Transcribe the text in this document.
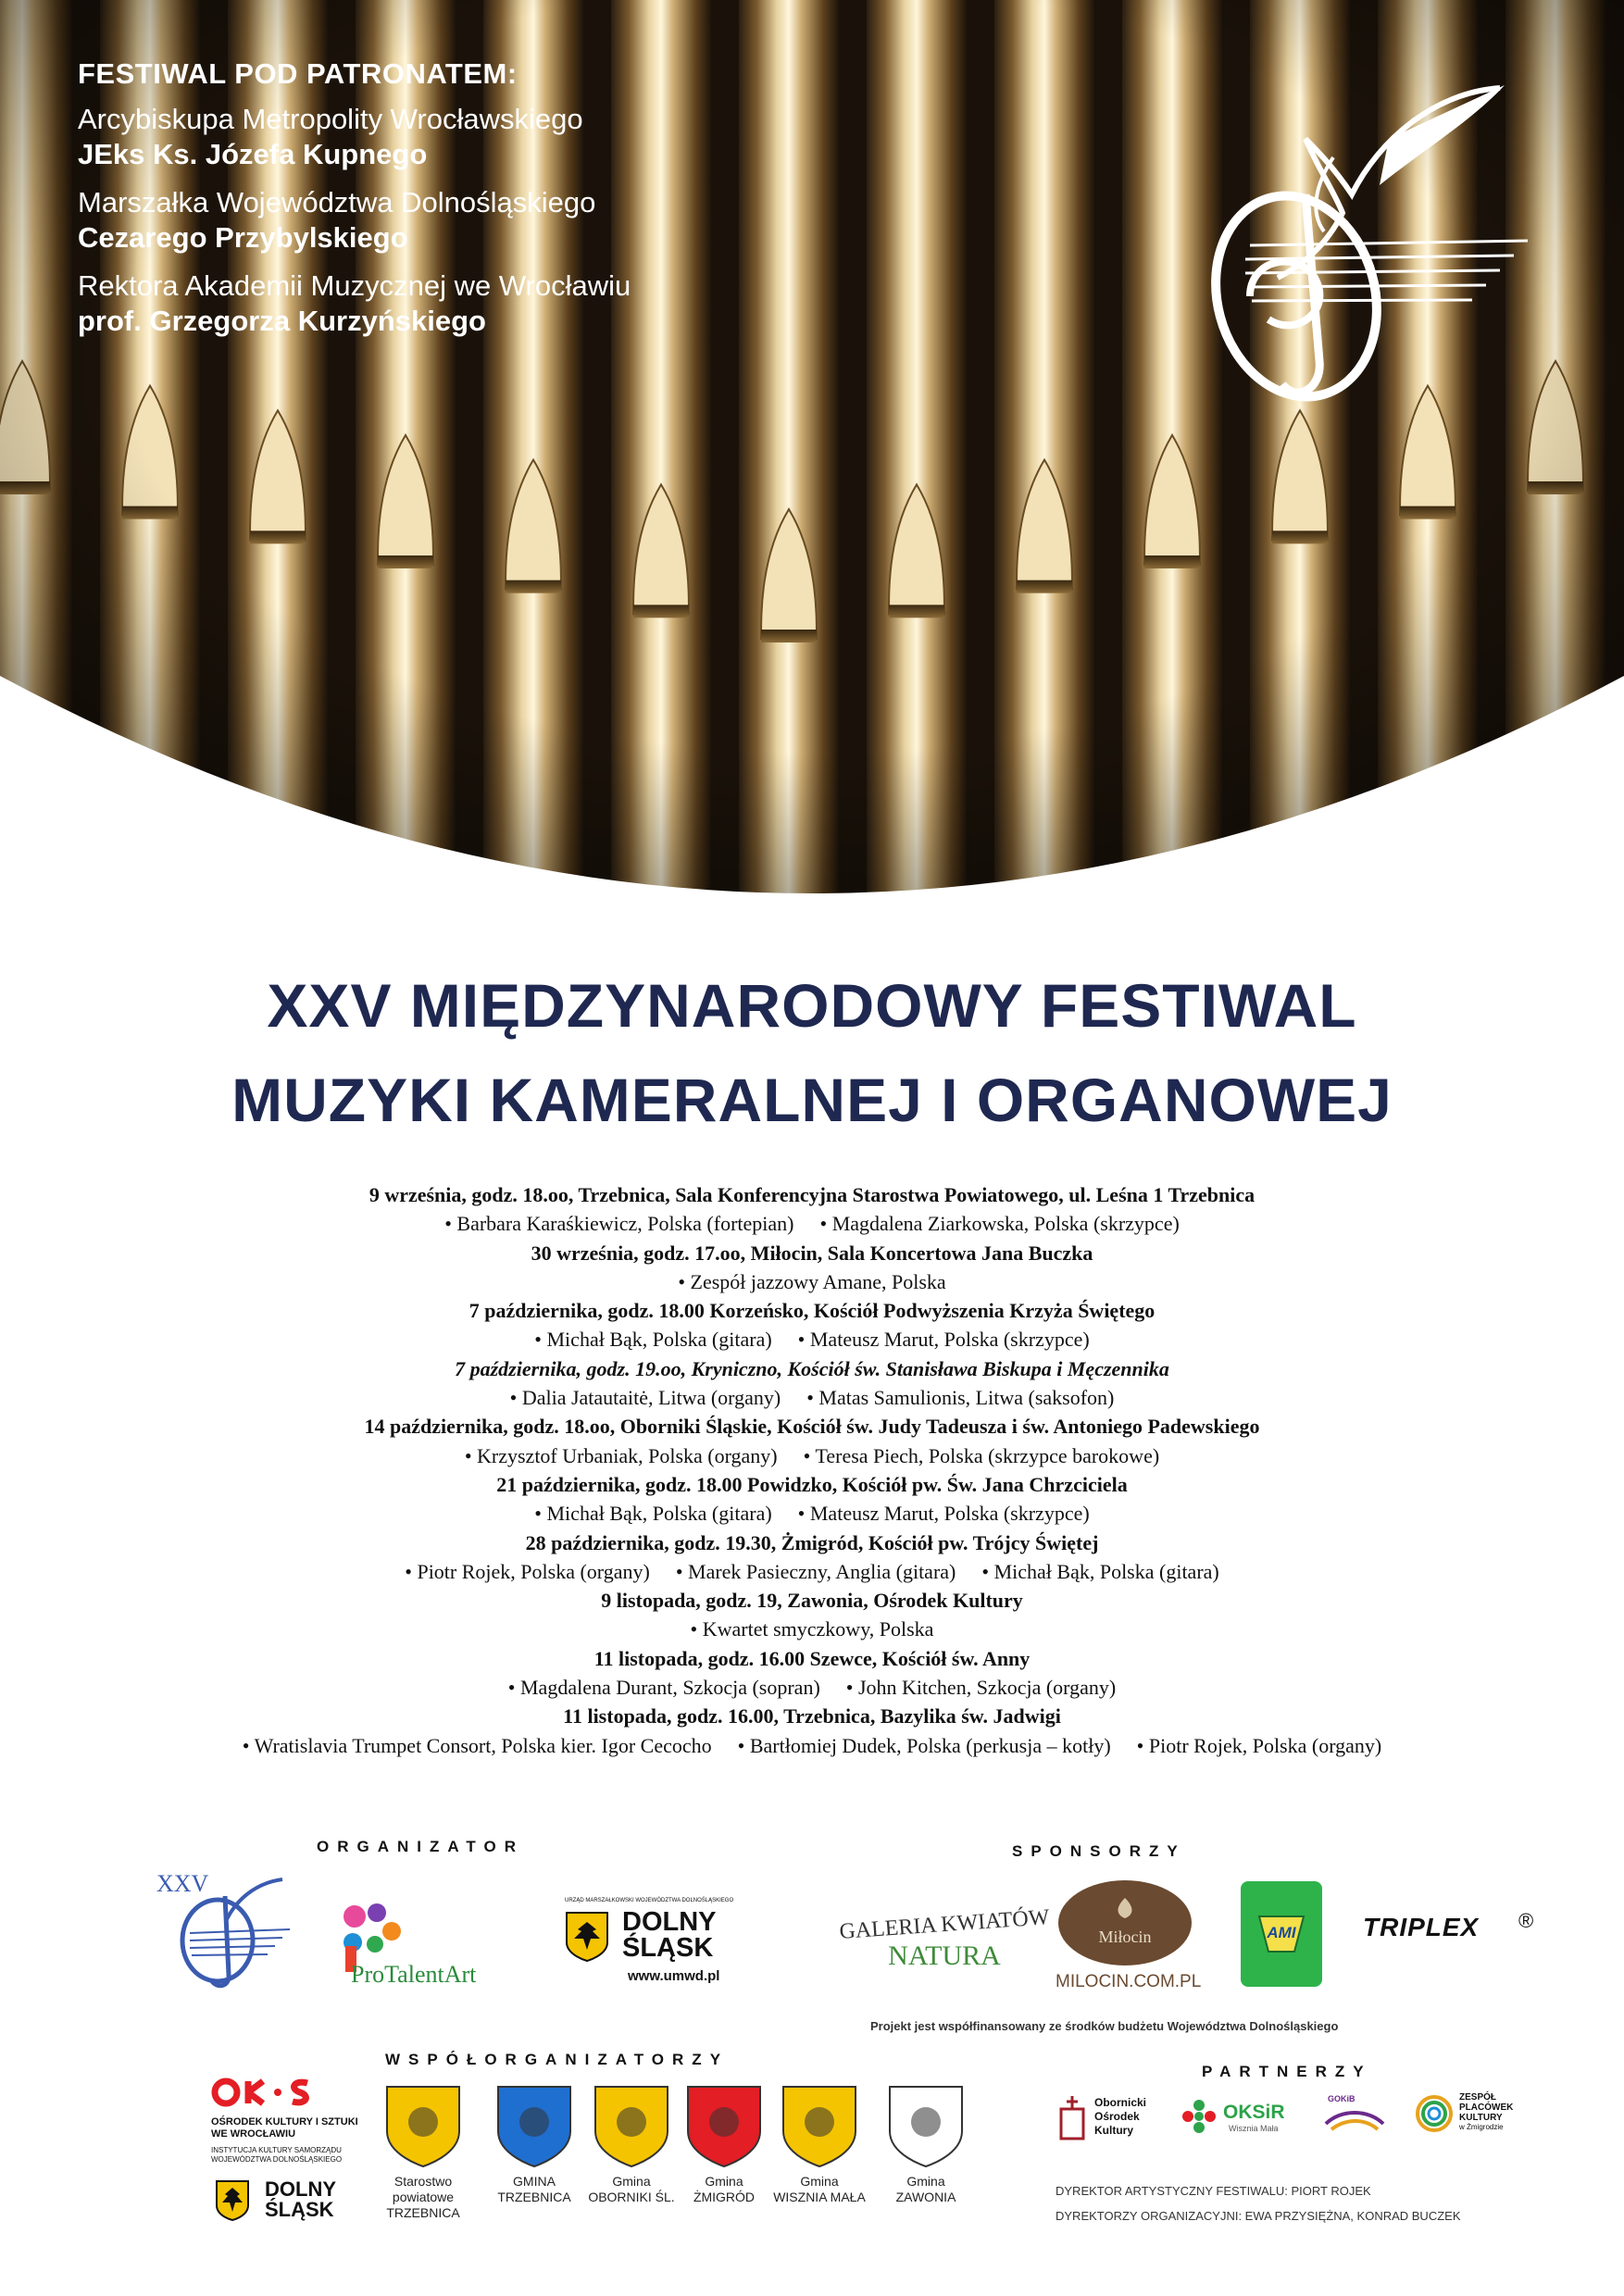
FESTIWAL POD PATRONATEM:
Arcybiskupa Metropolity Wrocławskiego
JEks Ks. Józefa Kupnego
Marszałka Województwa Dolnośląskiego
Cezarego Przybylskiego
Rektora Akademii Muzycznej we Wrocławiu
prof. Grzegorza Kurzyńskiego
XXV MIĘDZYNARODOWY FESTIWAL
MUZYKI KAMERALNEJ I ORGANOWEJ
9 września, godz. 18.oo, Trzebnica, Sala Konferencyjna Starostwa Powiatowego, ul. Leśna 1 Trzebnica
• Barbara Karaśkiewicz, Polska (fortepian) • Magdalena Ziarkowska, Polska (skrzypce)
30 września, godz. 17.oo, Miłocin, Sala Koncertowa Jana Buczka
• Zespół jazzowy Amane, Polska
7 października, godz. 18.00 Korzeńsko, Kościół Podwyższenia Krzyża Świętego
• Michał Bąk, Polska (gitara) • Mateusz Marut, Polska (skrzypce)
7 października, godz. 19.oo, Kryniczno, Kościół św. Stanisława Biskupa i Męczennika
• Dalia Jatautaitė, Litwa (organy) • Matas Samulionis, Litwa (saksofon)
14 października, godz. 18.oo, Oborniki Śląskie, Kościół św. Judy Tadeusza i św. Antoniego Padewskiego
• Krzysztof Urbaniak, Polska (organy) • Teresa Piech, Polska (skrzypce barokowe)
21 października, godz. 18.00 Powidzko, Kościół pw. Św. Jana Chrzciciela
• Michał Bąk, Polska (gitara) • Mateusz Marut, Polska (skrzypce)
28 października, godz. 19.30, Żmigród, Kościół pw. Trójcy Świętej
• Piotr Rojek, Polska (organy) • Marek Pasieczny, Anglia (gitara) • Michał Bąk, Polska (gitara)
9 listopada, godz. 19, Zawonia, Ośrodek Kultury
• Kwartet smyczkowy, Polska
11 listopada, godz. 16.00 Szewce, Kościół św. Anny
• Magdalena Durant, Szkocja (sopran) • John Kitchen, Szkocja (organy)
11 listopada, godz. 16.00, Trzebnica, Bazylika św. Jadwigi
• Wratislavia Trumpet Consort, Polska kier. Igor Cecocho • Bartłomiej Dudek, Polska (perkusja – kotły) • Piotr Rojek, Polska (organy)
ORGANIZATOR	SPONSORZY
WSPÓŁORGANIZATORZY
PARTNERZY
XXV
ProTalentArt
URZĄD MARSZAŁKOWSKI WOJEWÓDZTWA DOLNOŚLĄSKIEGO
DOLNY
ŚLĄSK
www.umwd.pl
GALERIA KWIATÓW
NATURA
Miłocin
MILOCIN.COM.PL
AMI	TRIPLEX ®
Projekt jest współfinansowany ze środków budżetu Województwa Dolnośląskiego
OŚRODEK KULTURY I SZTUKI
WE WROCŁAWIU
INSTYTUCJA KULTURY SAMORZĄDU
WOJEWÓDZTWA DOLNOŚLĄSKIEGO
DOLNY
ŚLĄSK
Starostwo
powiatowe
TRZEBNICA
GMINA
TRZEBNICA
Gmina
OBORNIKI ŚL.
Gmina
ŻMIGRÓD
Gmina
WISZNIA MAŁA
Gmina
ZAWONIA
Obornicki
Ośrodek
Kultury
OKSiR
Wisznia Mała
GOKiB	ZESPÓŁ
PLACÓWEK
KULTURY
w Żmigrodzie
DYREKTOR ARTYSTYCZNY FESTIWALU: PIORT ROJEK
DYREKTORZY ORGANIZACYJNI: EWA PRZYSIĘŻNA, KONRAD BUCZEK
